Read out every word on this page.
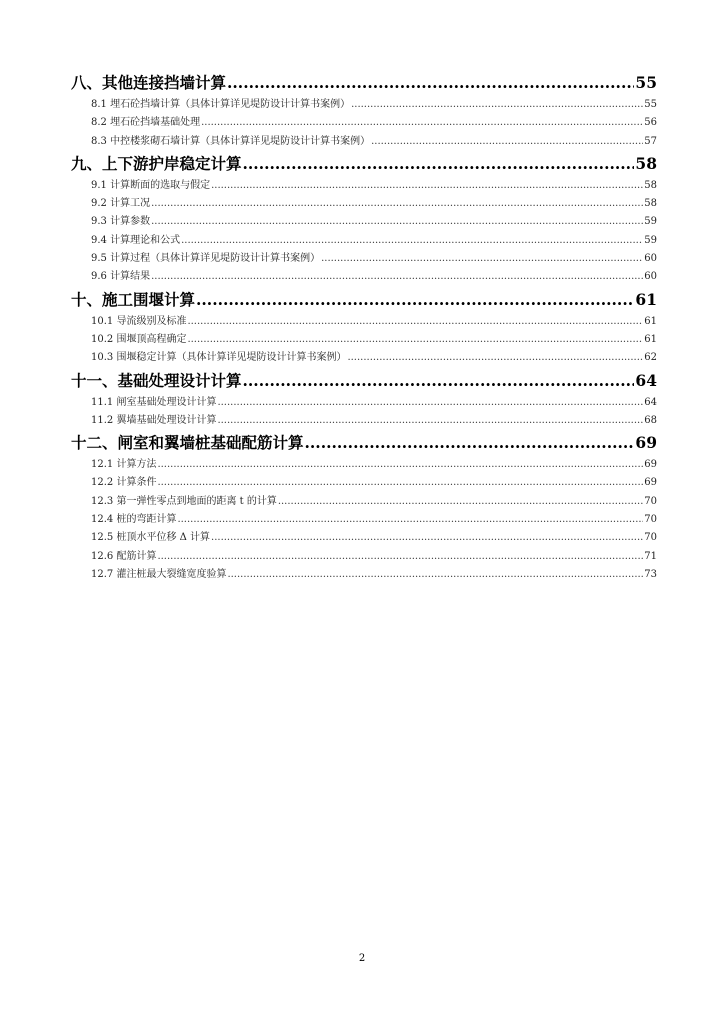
八、其他连接挡墙计算 .....	55
8.1 埋石砼挡墙计算（具体计算详见堤防设计计算书案例） .....	55
8.2 埋石砼挡墙基础处理 .....	56
8.3 中控楼浆砌石墙计算（具体计算详见堤防设计计算书案例） .....	57
九、上下游护岸稳定计算 .....	58
9.1 计算断面的选取与假定 .....	58
9.2 计算工况 .....	58
9.3 计算参数 .....	59
9.4 计算理论和公式 .....	59
9.5 计算过程（具体计算详见堤防设计计算书案例） .....	60
9.6 计算结果 .....	60
十、施工围堰计算 .....	61
10.1 导流级别及标准 .....	61
10.2 围堰顶高程确定 .....	61
10.3 围堰稳定计算（具体计算详见堤防设计计算书案例） .....	62
十一、基础处理设计计算 .....	64
11.1 闸室基础处理设计计算 .....	64
11.2 翼墙基础处理设计计算 .....	68
十二、闸室和翼墙桩基础配筋计算 .....	69
12.1 计算方法 .....	69
12.2 计算条件 .....	69
12.3 第一弹性零点到地面的距离 t 的计算 .....	70
12.4 桩的弯距计算 .....	70
12.5 桩顶水平位移 Δ 计算 .....	70
12.6 配筋计算 .....	71
12.7 灌注桩最大裂缝宽度验算 .....	73
2
